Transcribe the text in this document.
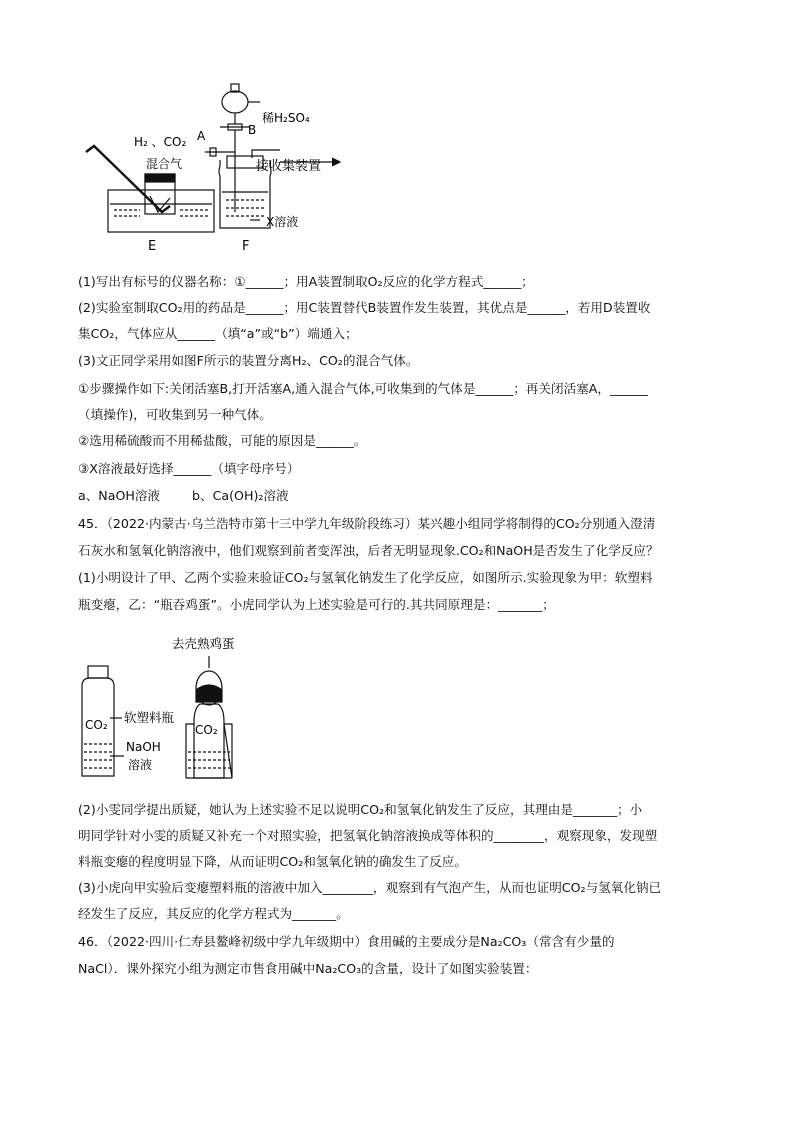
E
H₂ 、CO₂
混合气
A	B
稀H₂SO₄
接收集装置
X溶液
F
(1)写出有标号的仪器名称：①______；用A装置制取O₂反应的化学方程式______；
(2)实验室制取CO₂用的药品是______；用C装置替代B装置作发生装置，其优点是______，若用D装置收
集CO₂，气体应从______（填“a”或“b”）端通入；
(3)文正同学采用如图F所示的装置分离H₂、CO₂的混合气体。
①步骤操作如下:关闭活塞B,打开活塞A,通入混合气体,可收集到的气体是______；再关闭活塞A，______
（填操作)，可收集到另一种气体。
②选用稀硫酸而不用稀盐酸，可能的原因是______。
③X溶液最好选择______（填字母序号）
a、NaOH溶液        b、Ca(OH)₂溶液
45．（2022·内蒙古·乌兰浩特市第十三中学九年级阶段练习）某兴趣小组同学将制得的CO₂分别通入澄清
石灰水和氢氧化钠溶液中，他们观察到前者变浑浊，后者无明显现象.CO₂和NaOH是否发生了化学反应？
(1)小明设计了甲、乙两个实验来验证CO₂与氢氧化钠发生了化学反应，如图所示.实验现象为甲：软塑料
瓶变瘪，乙：“瓶吞鸡蛋”。小虎同学认为上述实验是可行的.其共同原理是：_______；
CO₂ 软塑料瓶
NaOH
溶液
去壳熟鸡蛋
CO₂
(2)小雯同学提出质疑，她认为上述实验不足以说明CO₂和氢氧化钠发生了反应，其理由是_______；小
明同学针对小雯的质疑又补充一个对照实验，把氢氧化钠溶液换成等体积的________，观察现象，发现塑
料瓶变瘪的程度明显下降，从而证明CO₂和氢氧化钠的确发生了反应。
(3)小虎向甲实验后变瘪塑料瓶的溶液中加入________，观察到有气泡产生，从而也证明CO₂与氢氧化钠已
经发生了反应，其反应的化学方程式为_______。
46．（2022·四川·仁寿县鳌峰初级中学九年级期中）食用碱的主要成分是Na₂CO₃（常含有少量的
NaCl）．课外探究小组为测定市售食用碱中Na₂CO₃的含量，设计了如图实验装置：
